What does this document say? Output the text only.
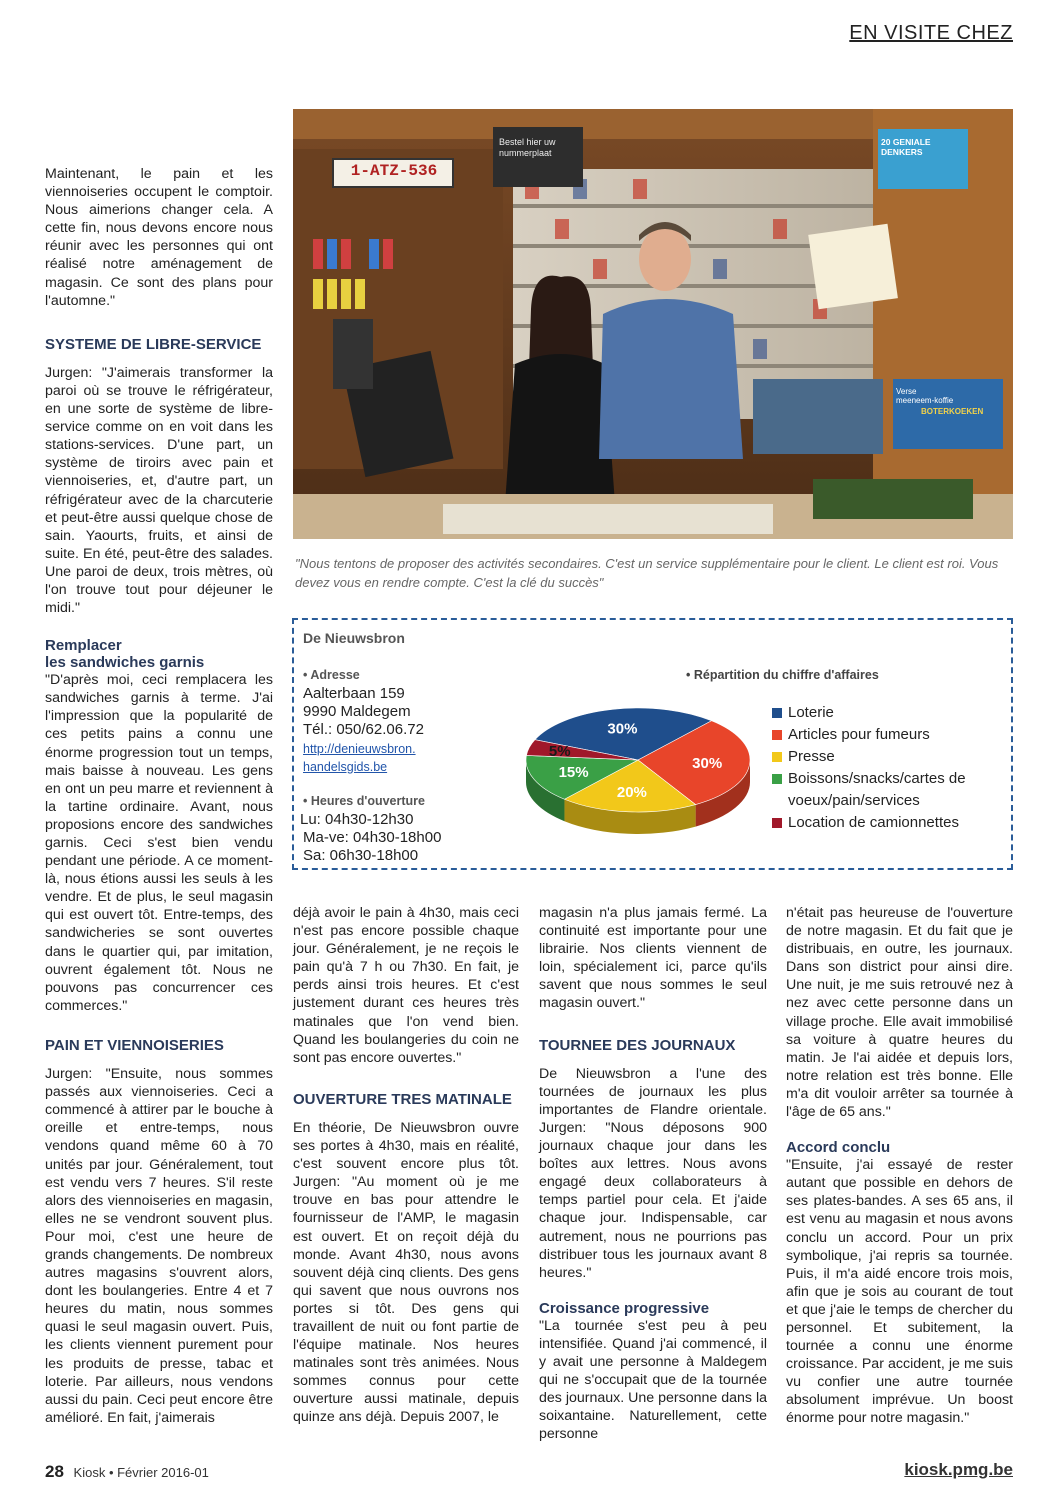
EN VISITE CHEZ

Maintenant, le pain et les viennoiseries occupent le comptoir. Nous aimerions changer cela. A cette fin, nous devons encore nous réunir avec les personnes qui ont réalisé notre aménagement de magasin. Ce sont des plans pour l'automne."

SYSTEME DE LIBRE-SERVICE

Jurgen: "J'aimerais transformer la paroi où se trouve le réfrigérateur, en une sorte de système de libre-service comme on en voit dans les stations-services. D'une part, un système de tiroirs avec pain et viennoiseries, et, d'autre part, un réfrigérateur avec de la charcuterie et peut-être aussi quelque chose de sain. Yaourts, fruits, et ainsi de suite. En été, peut-être des salades. Une paroi de deux, trois mètres, où l'on trouve tout pour déjeuner le midi."

Remplacer
les sandwiches garnis

"D'après moi, ceci remplacera les sandwiches garnis à terme. J'ai l'impression que la popularité de ces petits pains a connu une énorme progression tout un temps, mais baisse à nouveau. Les gens en ont un peu marre et reviennent à la tartine ordinaire. Avant, nous proposions encore des sandwiches garnis. Ceci s'est bien vendu pendant une période. A ce moment-là, nous étions aussi les seuls à les vendre. Et de plus, le seul magasin qui est ouvert tôt. Entre-temps, des sandwicheries se sont ouvertes dans le quartier qui, par imitation, ouvrent également tôt. Nous ne pouvons pas concurrencer ces commerces."

PAIN ET VIENNOISERIES

Jurgen: "Ensuite, nous sommes passés aux viennoiseries. Ceci a commencé à attirer par le bouche à oreille et entre-temps, nous vendons quand même 60 à 70 unités par jour. Généralement, tout est vendu vers 7 heures. S'il reste alors des viennoiseries en magasin, elles ne se vendront souvent plus. Pour moi, c'est une heure de grands changements. De nombreux autres magasins s'ouvrent alors, dont les boulangeries. Entre 4 et 7 heures du matin, nous sommes quasi le seul magasin ouvert. Puis, les clients viennent purement pour les produits de presse, tabac et loterie. Par ailleurs, nous vendons aussi du pain. Ceci peut encore être amélioré. En fait, j'aimerais

1-ATZ-536
Bestel hier uw nummerplaat
20 GENIALE DENKERS
Verse meeneem-koffie
BOTERKOEKEN
"Nous tentons de proposer des activités secondaires. C'est un service supplémentaire pour le client. Le client est roi. Vous devez vous en rendre compte. C'est la clé du succès"
De Nieuwsbron
• Adresse
Aalterbaan 159
9990 Maldegem
Tél.: 050/62.06.72
http://denieuwsbron.
handelsgids.be
• Heures d'ouverture
Lu: 04h30-12h30
Ma-ve: 04h30-18h00
Sa: 06h30-18h00
• Répartition du chiffre d'affaires
30%
30%
20%
15%
5%
Loterie
Articles pour fumeurs
Presse
Boissons/snacks/cartes de voeux/pain/services
Location de camionnettes

déjà avoir le pain à 4h30, mais ceci n'est pas encore possible chaque jour. Généralement, je ne reçois le pain qu'à 7 h ou 7h30. En fait, je perds ainsi trois heures. Et c'est justement durant ces heures très matinales que l'on vend bien. Quand les boulangeries du coin ne sont pas encore ouvertes."

OUVERTURE TRES MATINALE

En théorie, De Nieuwsbron ouvre ses portes à 4h30, mais en réalité, c'est souvent encore plus tôt. Jurgen: "Au moment où je me trouve en bas pour attendre le fournisseur de l'AMP, le magasin est ouvert. Et on reçoit déjà du monde. Avant 4h30, nous avons souvent déjà cinq clients. Des gens qui savent que nous ouvrons nos portes si tôt. Des gens qui travaillent de nuit ou font partie de l'équipe matinale. Nos heures matinales sont très animées. Nous sommes connus pour cette ouverture aussi matinale, depuis quinze ans déjà. Depuis 2007, le

magasin n'a plus jamais fermé. La continuité est importante pour une librairie. Nos clients viennent de loin, spécialement ici, parce qu'ils savent que nous sommes le seul magasin ouvert."

TOURNEE DES JOURNAUX

De Nieuwsbron a l'une des tournées de journaux les plus importantes de Flandre orientale. Jurgen: "Nous déposons 900 journaux chaque jour dans les boîtes aux lettres. Nous avons engagé deux collaborateurs à temps partiel pour cela. Et j'aide chaque jour. Indispensable, car autrement, nous ne pourrions pas distribuer tous les journaux avant 8 heures."

Croissance progressive

"La tournée s'est peu à peu intensifiée. Quand j'ai commencé, il y avait une personne à Maldegem qui ne s'occupait que de la tournée des journaux. Une personne dans la soixantaine. Naturellement, cette personne

n'était pas heureuse de l'ouverture de notre magasin. Et du fait que je distribuais, en outre, les journaux. Dans son district pour ainsi dire. Une nuit, je me suis retrouvé nez à nez avec cette personne dans un village proche. Elle avait immobilisé sa voiture à quatre heures du matin. Je l'ai aidée et depuis lors, notre relation est très bonne. Elle m'a dit vouloir arrêter sa tournée à l'âge de 65 ans."

Accord conclu

"Ensuite, j'ai essayé de rester autant que possible en dehors de ses plates-bandes. A ses 65 ans, il est venu au magasin et nous avons conclu un accord. Pour un prix symbolique, j'ai repris sa tournée. Puis, il m'a aidé encore trois mois, afin que je sois au courant de tout et que j'aie le temps de chercher du personnel. Et subitement, la tournée a connu une énorme croissance. Par accident, je me suis vu confier une autre tournée absolument imprévue. Un boost énorme pour notre magasin."

28 Kiosk • Février 2016-01	kiosk.pmg.be
